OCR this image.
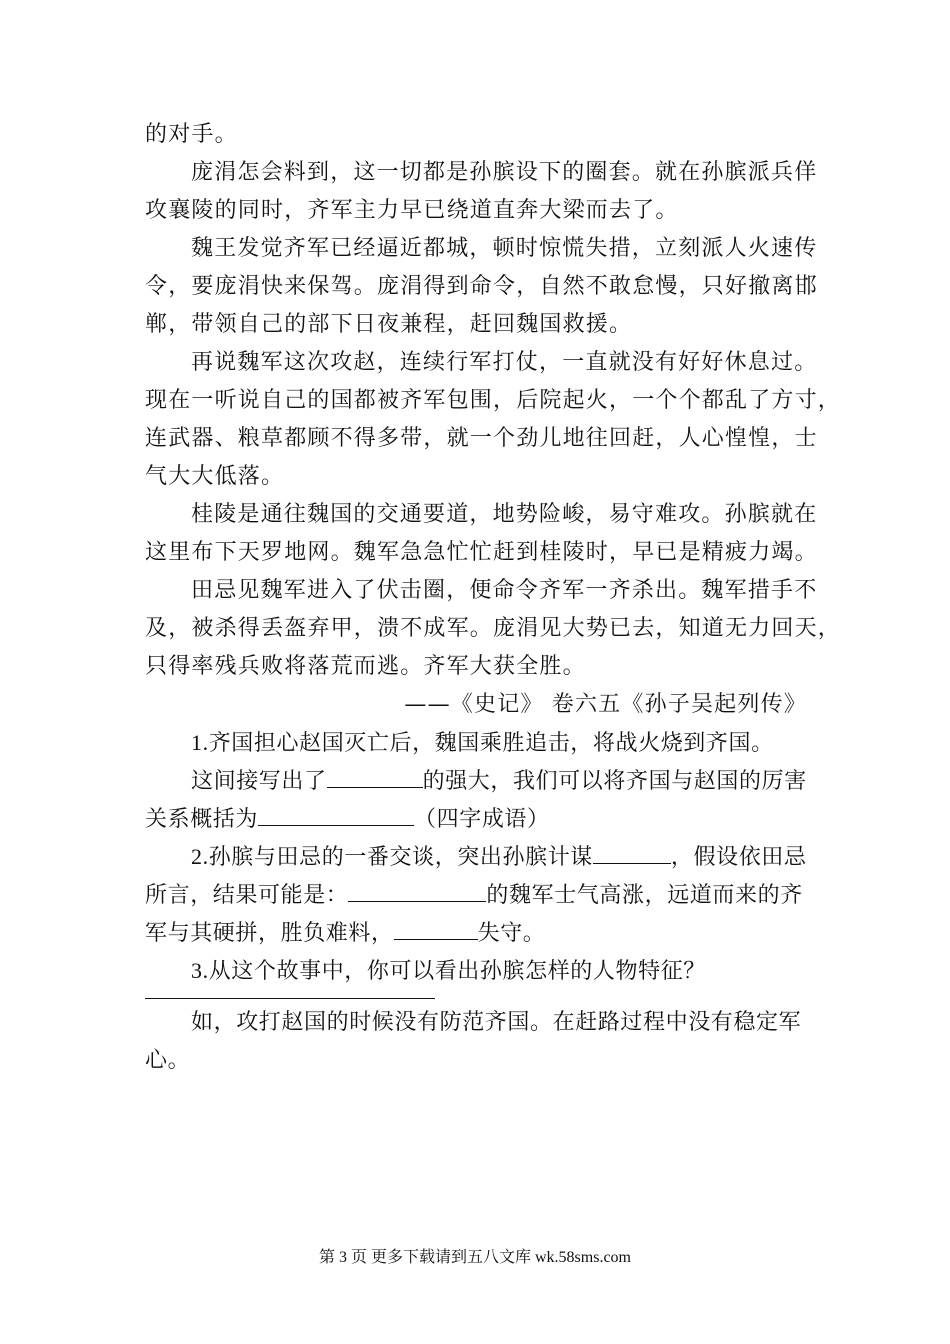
的对手。
庞涓怎会料到，这一切都是孙膑设下的圈套。就在孙膑派兵佯
攻襄陵的同时，齐军主力早已绕道直奔大梁而去了。
魏王发觉齐军已经逼近都城，顿时惊慌失措，立刻派人火速传
令，要庞涓快来保驾。庞涓得到命令，自然不敢怠慢，只好撤离邯
郸，带领自己的部下日夜兼程，赶回魏国救援。
再说魏军这次攻赵，连续行军打仗，一直就没有好好休息过。
现在一听说自己的国都被齐军包围，后院起火，一个个都乱了方寸，
连武器、粮草都顾不得多带，就一个劲儿地往回赶，人心惶惶，士
气大大低落。
桂陵是通往魏国的交通要道，地势险峻，易守难攻。孙膑就在
这里布下天罗地网。魏军急急忙忙赶到桂陵时，早已是精疲力竭。
田忌见魏军进入了伏击圈，便命令齐军一齐杀出。魏军措手不
及，被杀得丢盔弃甲，溃不成军。庞涓见大势已去，知道无力回天，
只得率残兵败将落荒而逃。齐军大获全胜。
——《史记》 卷六五《孙子吴起列传》
1.齐国担心赵国灭亡后，魏国乘胜追击，将战火烧到齐国。
这间接写出了	的强大，我们可以将齐国与赵国的厉害
关系概括为	（四字成语）
2.孙膑与田忌的一番交谈，突出孙膑计谋	，假设依田忌
所言，结果可能是：	的魏军士气高涨，远道而来的齐
军与其硬拼，胜负难料，	失守。
3.从这个故事中，你可以看出孙膑怎样的人物特征？
如，攻打赵国的时候没有防范齐国。在赶路过程中没有稳定军
心。
第 3 页 更多下载请到五八文库 wk.58sms.com
